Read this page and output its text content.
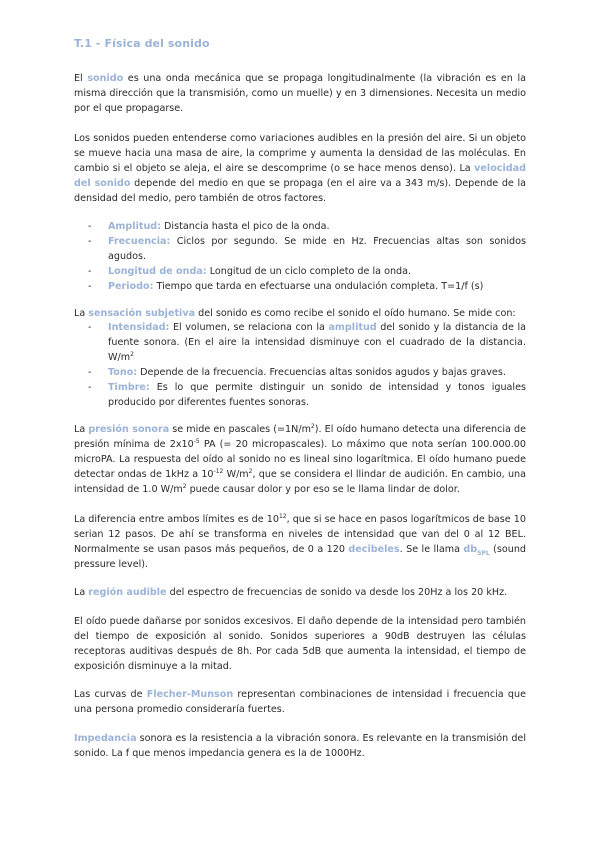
T.1 - Física del sonido

El sonido es una onda mecánica que se propaga longitudinalmente (la vibración es en la misma dirección que la transmisión, como un muelle) y en 3 dimensiones. Necesita un medio por el que propagarse.

Los sonidos pueden entenderse como variaciones audibles en la presión del aire. Si un objeto se mueve hacia una masa de aire, la comprime y aumenta la densidad de las moléculas. En cambio si el objeto se aleja, el aire se descomprime (o se hace menos denso). La velocidad del sonido depende del medio en que se propaga (en el aire va a 343 m/s). Depende de la densidad del medio, pero también de otros factores.

- Amplitud: Distancia hasta el pico de la onda.
- Frecuencia: Ciclos por segundo. Se mide en Hz. Frecuencias altas son sonidos agudos.
- Longitud de onda: Longitud de un ciclo completo de la onda.
- Periodo: Tiempo que tarda en efectuarse una ondulación completa. T=1/f (s)

La sensación subjetiva del sonido es como recibe el sonido el oído humano. Se mide con:

- Intensidad: El volumen, se relaciona con la amplitud del sonido y la distancia de la fuente sonora. (En el aire la intensidad disminuye con el cuadrado de la distancia. $W/m^2$
- Tono: Depende de la frecuencia. Frecuencias altas sonidos agudos y bajas graves.
- Timbre: Es lo que permite distinguir un sonido de intensidad y tonos iguales producido por diferentes fuentes sonoras.

La presión sonora se mide en pascales $(=1N/m^2)$. El oído humano detecta una diferencia de presión mínima de $2x10^{-5}$ PA (= 20 micropascales). Lo máximo que nota serían 100.000.00 microPA. La respuesta del oído al sonido no es lineal sino logarítmica. El oído humano puede detectar ondas de 1kHz a $10^{-12}$ $W/m^2$, que se considera el llindar de audición. En cambio, una intensidad de 1.0 $W/m^2$ puede causar dolor y por eso se le llama lindar de dolor.

La diferencia entre ambos límites es de $10^{12}$, que si se hace en pasos logarítmicos de base 10 serian 12 pasos. De ahí se transforma en niveles de intensidad que van del 0 al 12 BEL. Normalmente se usan pasos más pequeños, de 0 a 120 decibeles. Se le llama $db_{SPL}$ (sound pressure level).

La región audible del espectro de frecuencias de sonido va desde los 20Hz a los 20 kHz.

El oído puede dañarse por sonidos excesivos. El daño depende de la intensidad pero también del tiempo de exposición al sonido. Sonidos superiores a 90dB destruyen las células receptoras auditivas después de 8h. Por cada 5dB que aumenta la intensidad, el tiempo de exposición disminuye a la mitad.

Las curvas de Flecher-Munson representan combinaciones de intensidad i frecuencia que una persona promedio consideraría fuertes.

Impedancia sonora es la resistencia a la vibración sonora. Es relevante en la transmisión del sonido. La f que menos impedancia genera es la de 1000Hz.
